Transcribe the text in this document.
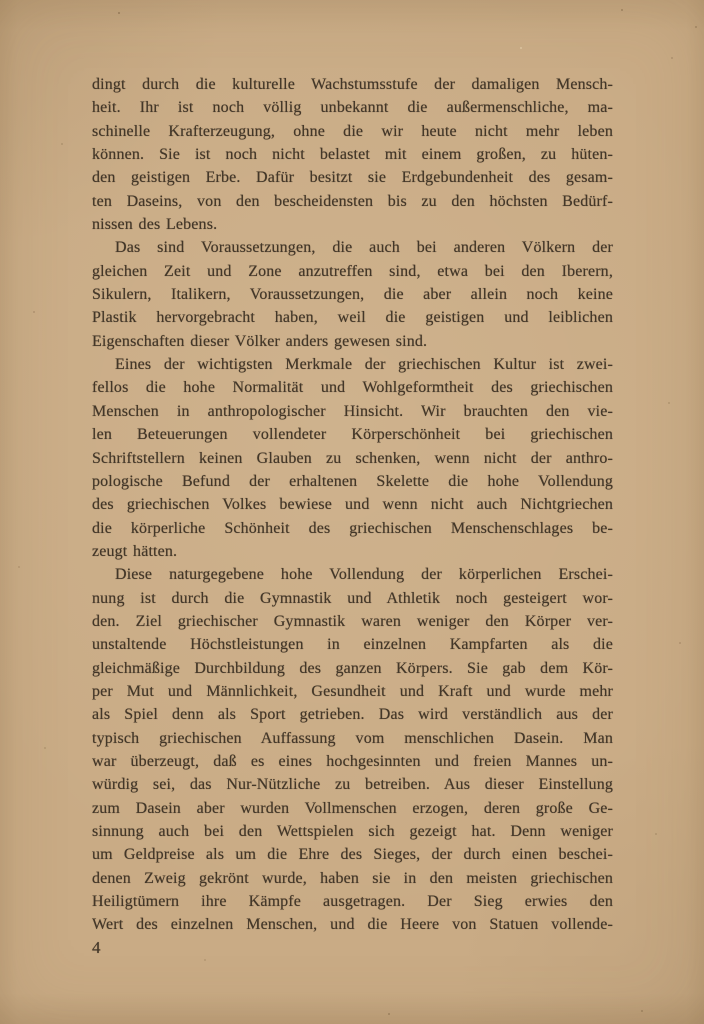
dingt durch die kulturelle Wachstumsstufe der damaligen Mensch-
heit. Ihr ist noch völlig unbekannt die außermenschliche, ma-
schinelle Krafterzeugung, ohne die wir heute nicht mehr leben
können. Sie ist noch nicht belastet mit einem großen, zu hüten-
den geistigen Erbe. Dafür besitzt sie Erdgebundenheit des gesam-
ten Daseins, von den bescheidensten bis zu den höchsten Bedürf-
nissen des Lebens.
Das sind Voraussetzungen, die auch bei anderen Völkern der
gleichen Zeit und Zone anzutreffen sind, etwa bei den Iberern,
Sikulern, Italikern, Voraussetzungen, die aber allein noch keine
Plastik hervorgebracht haben, weil die geistigen und leiblichen
Eigenschaften dieser Völker anders gewesen sind.
Eines der wichtigsten Merkmale der griechischen Kultur ist zwei-
fellos die hohe Normalität und Wohlgeformtheit des griechischen
Menschen in anthropologischer Hinsicht. Wir brauchten den vie-
len Beteuerungen vollendeter Körperschönheit bei griechischen
Schriftstellern keinen Glauben zu schenken, wenn nicht der anthro-
pologische Befund der erhaltenen Skelette die hohe Vollendung
des griechischen Volkes bewiese und wenn nicht auch Nichtgriechen
die körperliche Schönheit des griechischen Menschenschlages be-
zeugt hätten.
Diese naturgegebene hohe Vollendung der körperlichen Erschei-
nung ist durch die Gymnastik und Athletik noch gesteigert wor-
den. Ziel griechischer Gymnastik waren weniger den Körper ver-
unstaltende Höchstleistungen in einzelnen Kampfarten als die
gleichmäßige Durchbildung des ganzen Körpers. Sie gab dem Kör-
per Mut und Männlichkeit, Gesundheit und Kraft und wurde mehr
als Spiel denn als Sport getrieben. Das wird verständlich aus der
typisch griechischen Auffassung vom menschlichen Dasein. Man
war überzeugt, daß es eines hochgesinnten und freien Mannes un-
würdig sei, das Nur-Nützliche zu betreiben. Aus dieser Einstellung
zum Dasein aber wurden Vollmenschen erzogen, deren große Ge-
sinnung auch bei den Wettspielen sich gezeigt hat. Denn weniger
um Geldpreise als um die Ehre des Sieges, der durch einen beschei-
denen Zweig gekrönt wurde, haben sie in den meisten griechischen
Heiligtümern ihre Kämpfe ausgetragen. Der Sieg erwies den
Wert des einzelnen Menschen, und die Heere von Statuen vollende-
4
